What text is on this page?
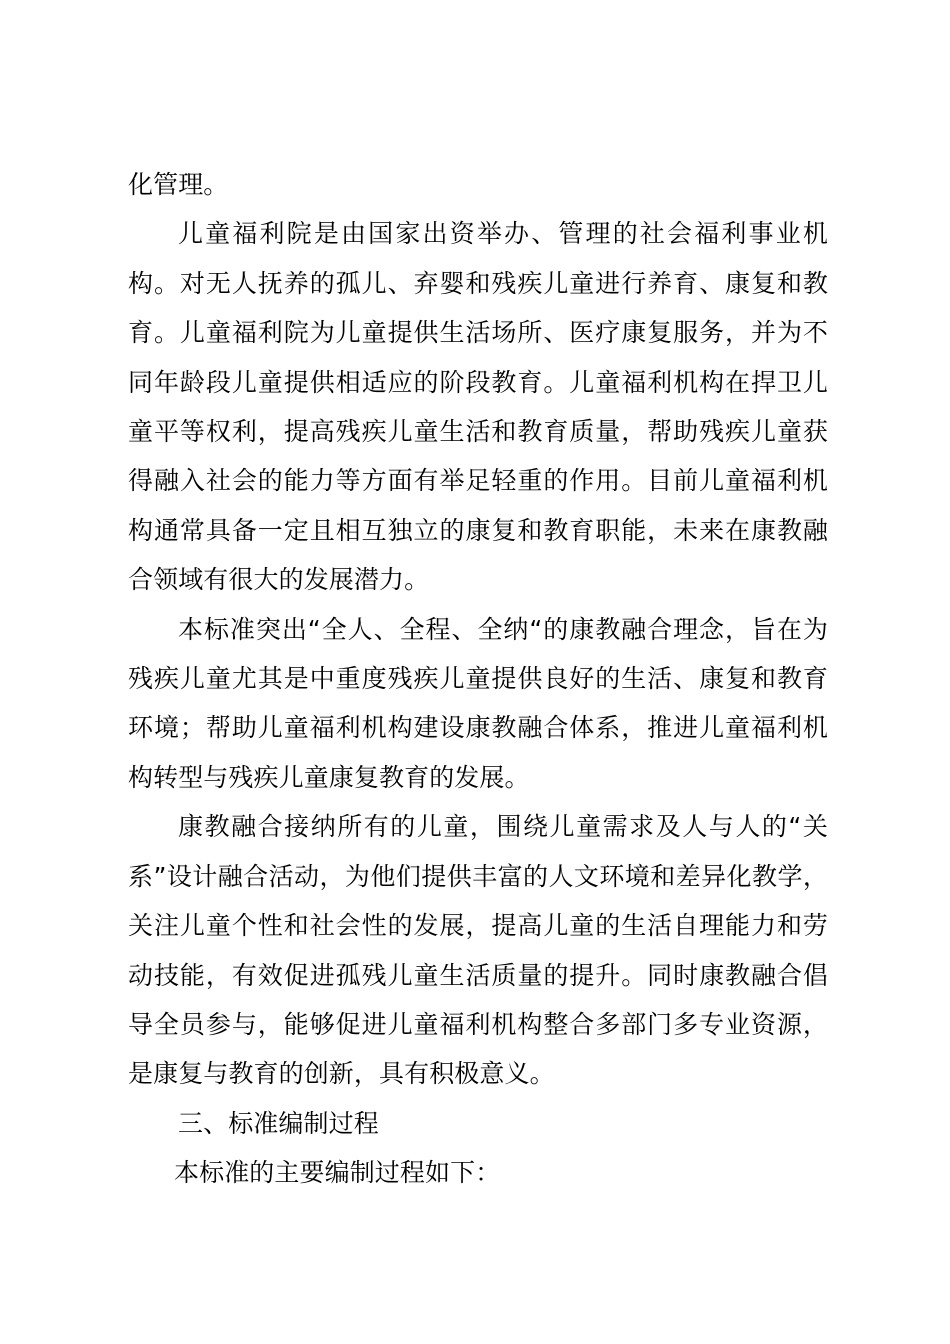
化管理。

儿童福利院是由国家出资举办、管理的社会福利事业机构。对无人抚养的孤儿、弃婴和残疾儿童进行养育、康复和教育。儿童福利院为儿童提供生活场所、医疗康复服务，并为不同年龄段儿童提供相适应的阶段教育。儿童福利机构在捍卫儿童平等权利，提高残疾儿童生活和教育质量，帮助残疾儿童获得融入社会的能力等方面有举足轻重的作用。目前儿童福利机构通常具备一定且相互独立的康复和教育职能，未来在康教融合领域有很大的发展潜力。

本标准突出“全人、全程、全纳“的康教融合理念，旨在为残疾儿童尤其是中重度残疾儿童提供良好的生活、康复和教育环境；帮助儿童福利机构建设康教融合体系，推进儿童福利机构转型与残疾儿童康复教育的发展。

康教融合接纳所有的儿童，围绕儿童需求及人与人的“关系”设计融合活动，为他们提供丰富的人文环境和差异化教学，关注儿童个性和社会性的发展，提高儿童的生活自理能力和劳动技能，有效促进孤残儿童生活质量的提升。同时康教融合倡导全员参与，能够促进儿童福利机构整合多部门多专业资源，是康复与教育的创新，具有积极意义。

三、标准编制过程

本标准的主要编制过程如下：
